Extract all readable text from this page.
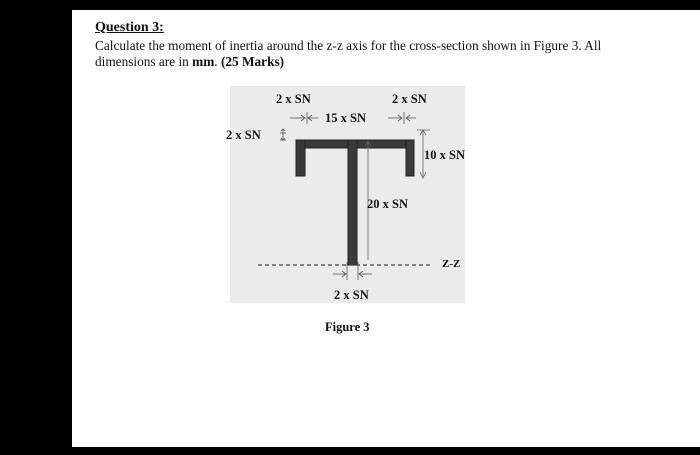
Question 3:
Calculate the moment of inertia around the z-z axis for the cross-section shown in Figure 3. All
dimensions are in mm. (25 Marks)
2 x SN	2 x SN
15 x SN
2 x SN
10 x SN
20 x SN
Z-Z
2 x SN
Figure 3
